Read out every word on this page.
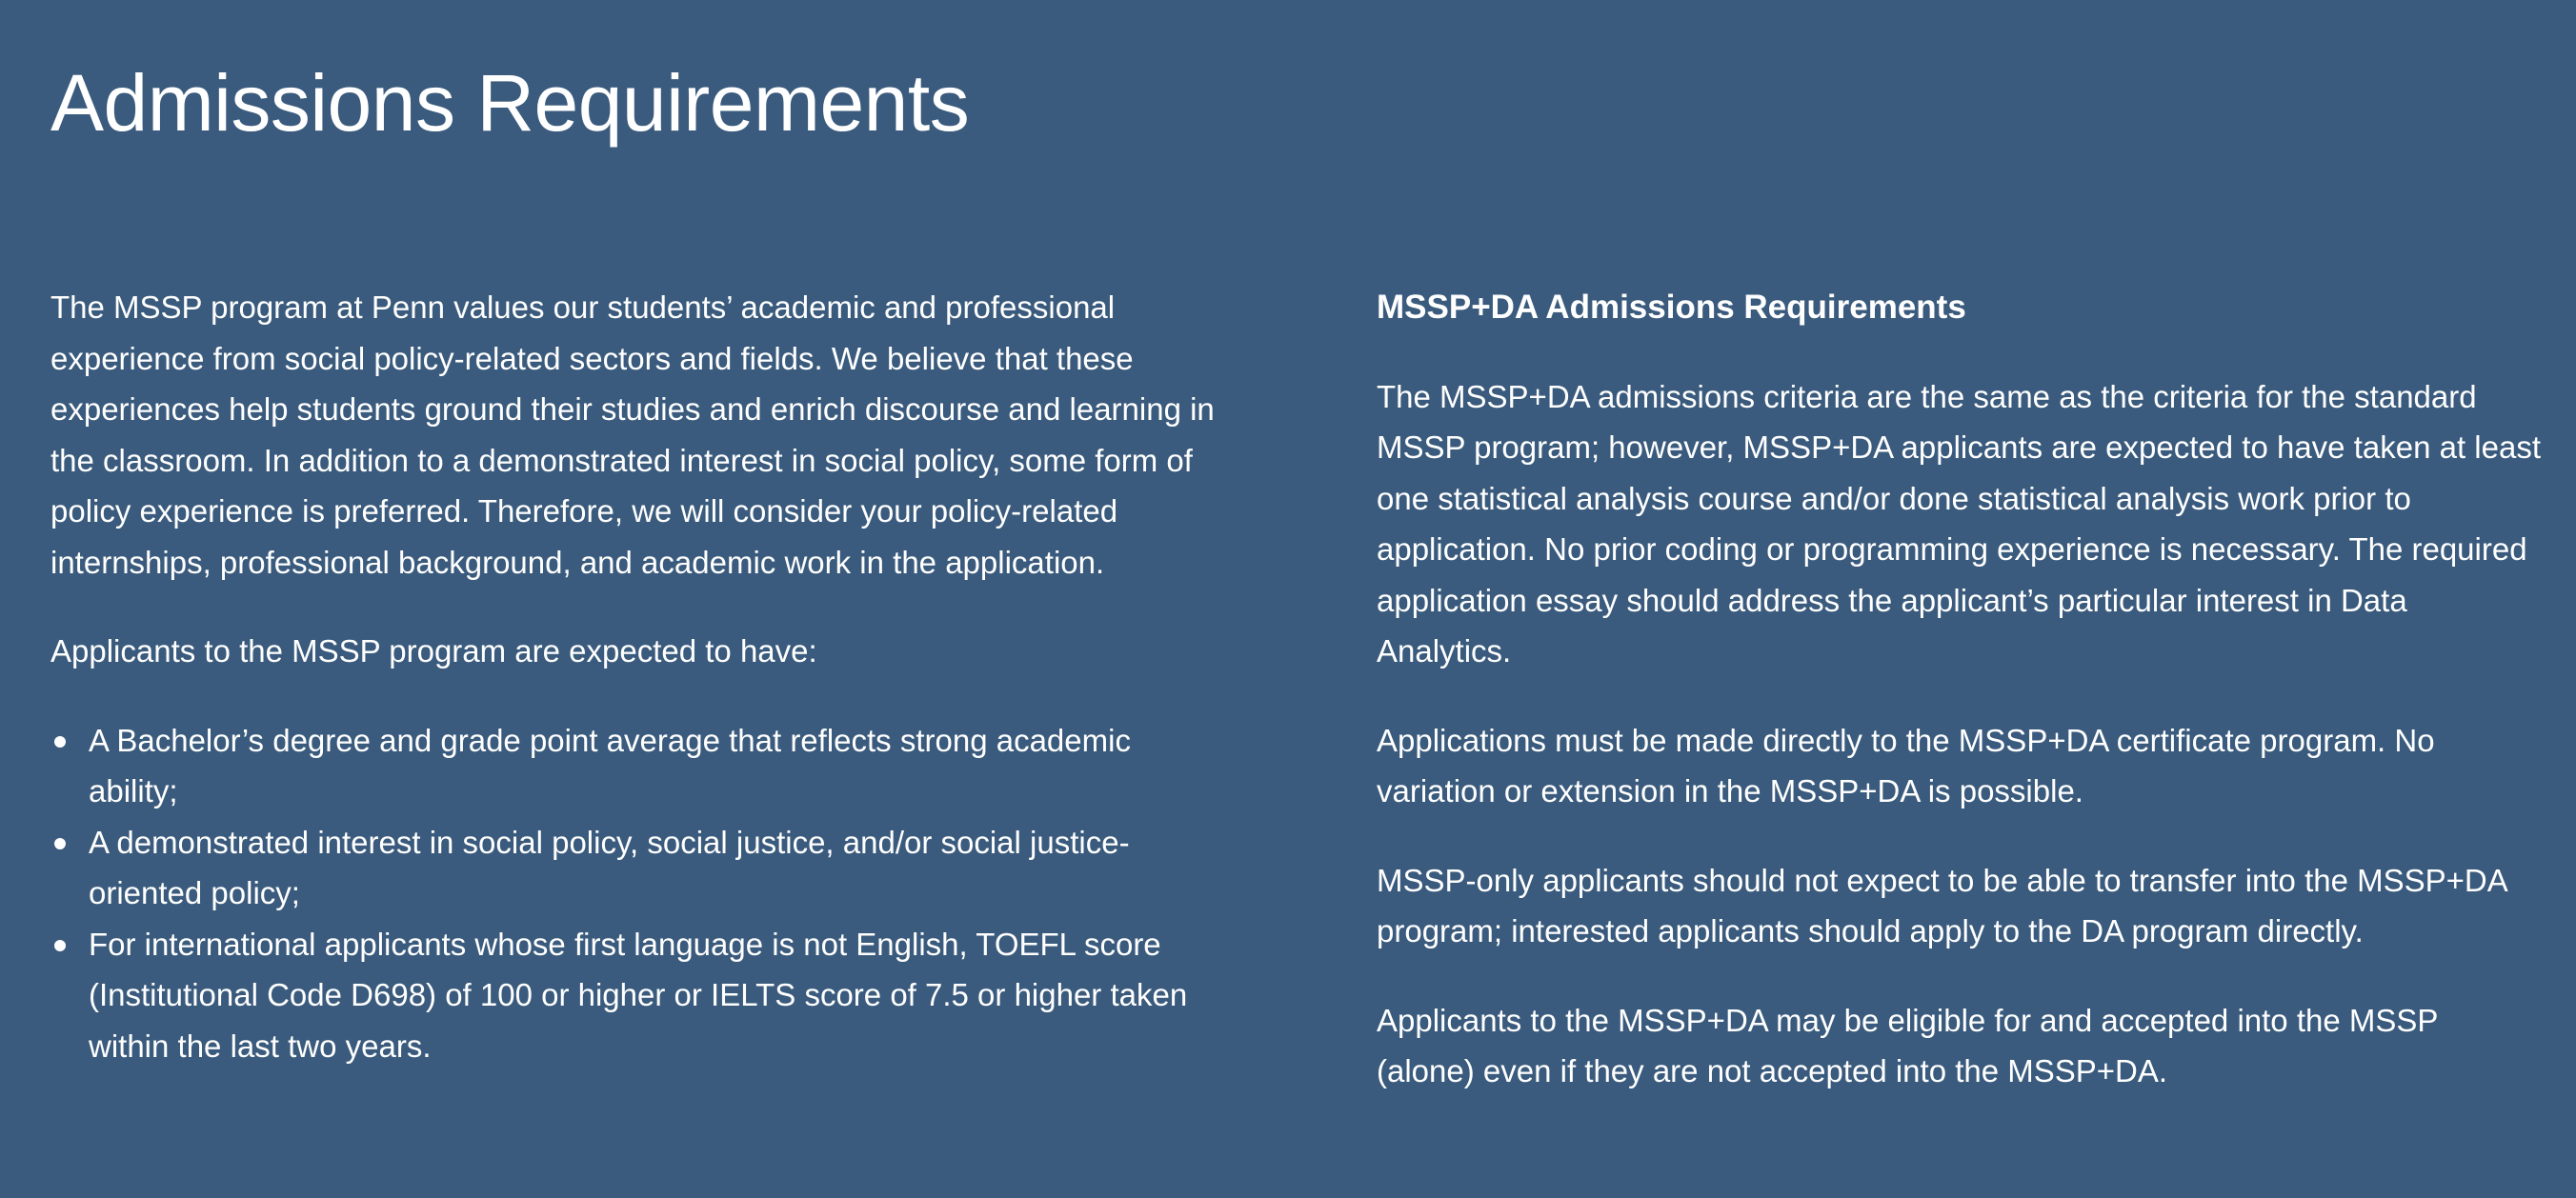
Admissions Requirements

The MSSP program at Penn values our students’ academic and professional experience from social policy-related sectors and fields. We believe that these experiences help students ground their studies and enrich discourse and learning in the classroom. In addition to a demonstrated interest in social policy, some form of policy experience is preferred. Therefore, we will consider your policy-related internships, professional background, and academic work in the application.

Applicants to the MSSP program are expected to have:

A Bachelor’s degree and grade point average that reflects strong academic ability;
A demonstrated interest in social policy, social justice, and/or social justice-oriented policy;
For international applicants whose first language is not English, TOEFL score (Institutional Code D698) of 100 or higher or IELTS score of 7.5 or higher taken within the last two years.
MSSP+DA Admissions Requirements

The MSSP+DA admissions criteria are the same as the criteria for the standard MSSP program; however, MSSP+DA applicants are expected to have taken at least one statistical analysis course and/or done statistical analysis work prior to application. No prior coding or programming experience is necessary. The required application essay should address the applicant’s particular interest in Data Analytics.

Applications must be made directly to the MSSP+DA certificate program. No variation or extension in the MSSP+DA is possible.

MSSP-only applicants should not expect to be able to transfer into the MSSP+DA program; interested applicants should apply to the DA program directly.

Applicants to the MSSP+DA may be eligible for and accepted into the MSSP (alone) even if they are not accepted into the MSSP+DA.
